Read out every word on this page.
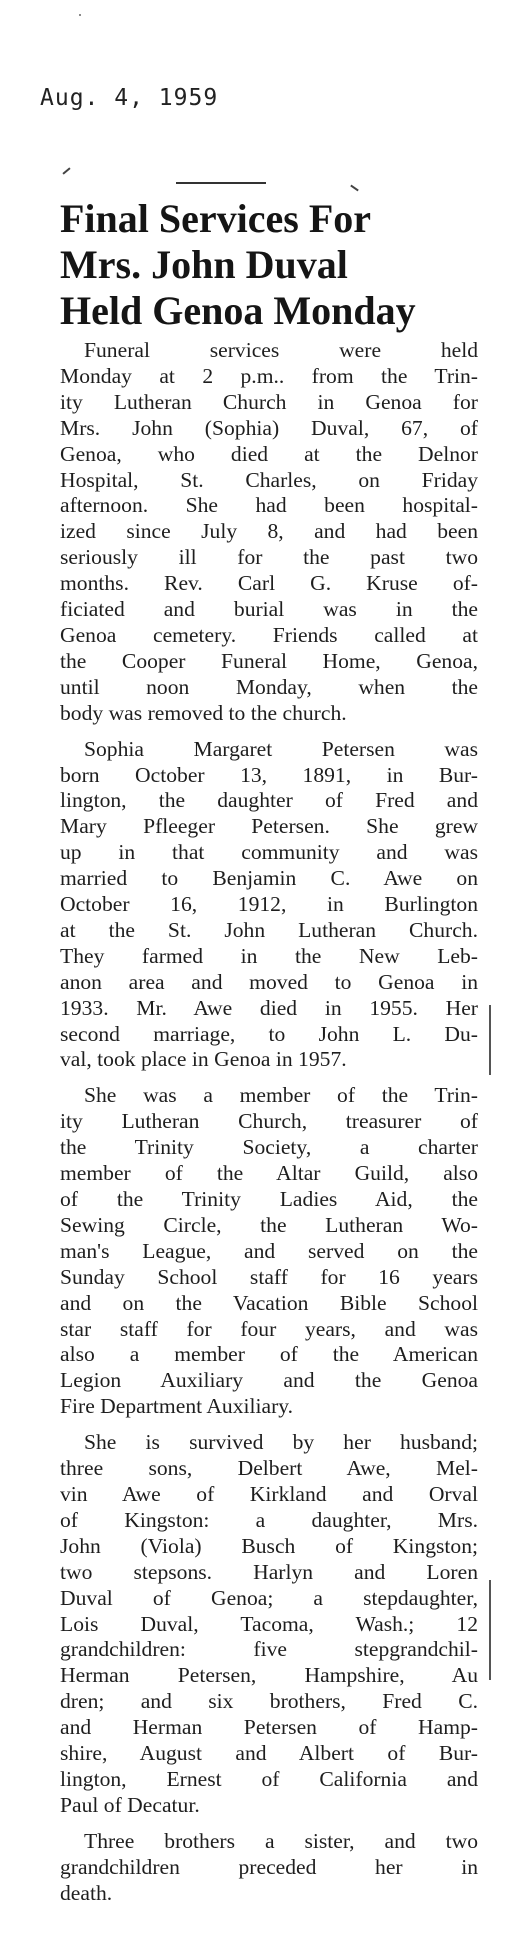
Aug. 4, 1959
Final Services For
Mrs. John Duval
Held Genoa Monday
Funeral services were held
Monday at 2 p.m.. from the Trin-
ity Lutheran Church in Genoa for
Mrs. John (Sophia) Duval, 67, of
Genoa, who died at the Delnor
Hospital, St. Charles, on Friday
afternoon. She had been hospital-
ized since July 8, and had been
seriously ill for the past two
months. Rev. Carl G. Kruse of-
ficiated and burial was in the
Genoa cemetery. Friends called at
the Cooper Funeral Home, Genoa,
until noon Monday, when the
body was removed to the church.
Sophia Margaret Petersen was
born October 13, 1891, in Bur-
lington, the daughter of Fred and
Mary Pfleeger Petersen. She grew
up in that community and was
married to Benjamin C. Awe on
October 16, 1912, in Burlington
at the St. John Lutheran Church.
They farmed in the New Leb-
anon area and moved to Genoa in
1933. Mr. Awe died in 1955. Her
second marriage, to John L. Du-
val, took place in Genoa in 1957.
She was a member of the Trin-
ity Lutheran Church, treasurer of
the Trinity Society, a charter
member of the Altar Guild, also
of the Trinity Ladies Aid, the
Sewing Circle, the Lutheran Wo-
man's League, and served on the
Sunday School staff for 16 years
and on the Vacation Bible School
star staff for four years, and was
also a member of the American
Legion Auxiliary and the Genoa
Fire Department Auxiliary.
She is survived by her husband;
three sons, Delbert Awe, Mel-
vin Awe of Kirkland and Orval
of Kingston: a daughter, Mrs.
John (Viola) Busch of Kingston;
two stepsons. Harlyn and Loren
Duval of Genoa; a stepdaughter,
Lois Duval, Tacoma, Wash.; 12
grandchildren: five stepgrandchil-
Herman Petersen, Hampshire, Au
dren; and six brothers, Fred C.
and Herman Petersen of Hamp-
shire, August and Albert of Bur-
lington, Ernest of California and
Paul of Decatur.
Three brothers a sister, and two
grandchildren preceded her in
death.
